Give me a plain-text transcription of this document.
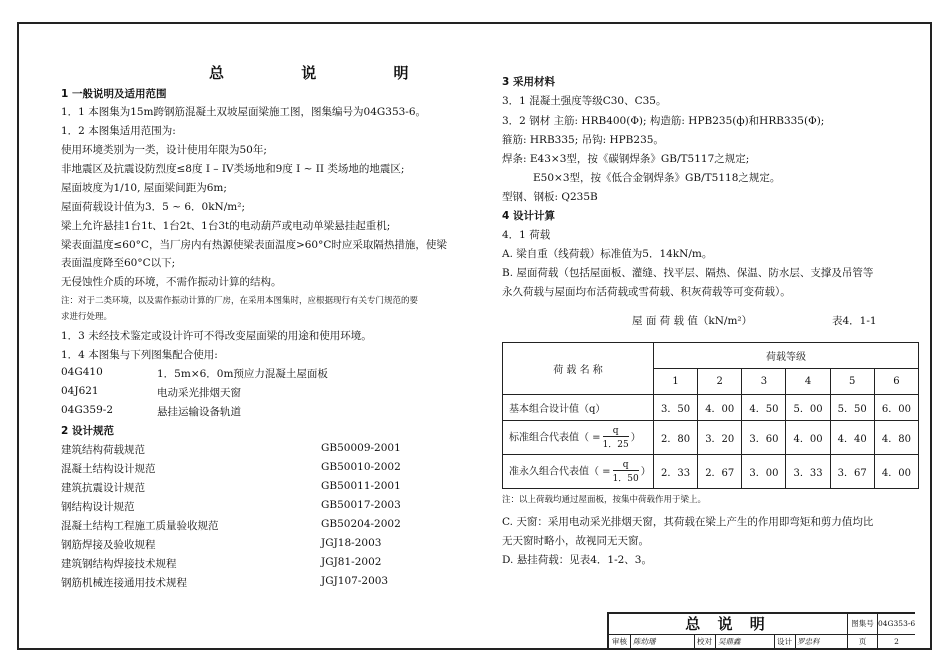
总 说 明
1 一般说明及适用范围
1．1 本图集为15m跨钢筋混凝土双坡屋面梁施工图，图集编号为04G353-6。
1．2 本图集适用范围为:
使用环境类别为一类，设计使用年限为50年;
非地震区及抗震设防烈度≤8度 I – IV类场地和9度 I ~ II 类场地的地震区;
屋面坡度为1/10, 屋面梁间距为6m;
屋面荷载设计值为3．5 ~ 6．0kN/m²;
梁上允许悬挂1台1t、1台2t、1台3t的电动葫芦或电动单梁悬挂起重机;
梁表面温度≤60°C，当厂房内有热源使梁表面温度>60°C时应采取隔热措施，使梁
表面温度降至60°C以下;
无侵蚀性介质的环境，不需作振动计算的结构。
注：对于二类环境，以及需作振动计算的厂房，在采用本图集时，应根据现行有关专门规范的要
求进行处理。
1．3 未经技术鉴定或设计许可不得改变屋面梁的用途和使用环境。
1．4 本图集与下列图集配合使用:
04G410	1．5m×6．0m预应力混凝土屋面板
04J621	电动采光排烟天窗
04G359-2	悬挂运输设备轨道
2 设计规范
建筑结构荷载规范	GB50009-2001
混凝土结构设计规范	GB50010-2002
建筑抗震设计规范	GB50011-2001
钢结构设计规范	GB50017-2003
混凝土结构工程施工质量验收规范	GB50204-2002
钢筋焊接及验收规程	JGJ18-2003
建筑钢结构焊接技术规程	JGJ81-2002
钢筋机械连接通用技术规程	JGJ107-2003
3 采用材料
3．1 混凝土强度等级C30、C35。
3．2 钢材 主筋: HRB400(Φ); 构造筋: HPB235(ф)和HRB335(Φ);
箍筋: HRB335; 吊钩: HPB235。
焊条: E43×3型，按《碳钢焊条》GB/T5117之规定;
E50×3型，按《低合金钢焊条》GB/T5118之规定。
型钢、钢板: Q235B
4 设计计算
4．1 荷载
A. 梁自重（线荷载）标准值为5．14kN/m。
B. 屋面荷载（包括屋面板、灌缝、找平层、隔热、保温、防水层、支撑及吊管等
永久荷载与屋面均布活荷载或雪荷载、积灰荷载等可变荷载）。
屋 面 荷 载 值（kN/m²）	表4．1-1
荷 载 名 称	荷载等级					
	1	2	3	4	5	6
基本组合设计值（q）	3．50	4．00	4．50	5．00	5．50	6．00
标准组合代表值（ = $\frac{q}{1.25}$ ）	2．80	3．20	3．60	4．00	4．40	4．80
准永久组合代表值（ = $\frac{q}{1.50}$ ）	2．33	2．67	3．00	3．33	3．67	4．00
注：以上荷载均通过屋面板，按集中荷载作用于梁上。
C. 天窗：采用电动采光排烟天窗，其荷载在梁上产生的作用即弯矩和剪力值均比
无天窗时略小，故视同无天窗。
D. 悬挂荷载：见表4．1-2、3。
总 说 明
审核 陈幼璠	校对 吴鼎鑫	设计 罗忠科
图集号 04G353-6
页	2
